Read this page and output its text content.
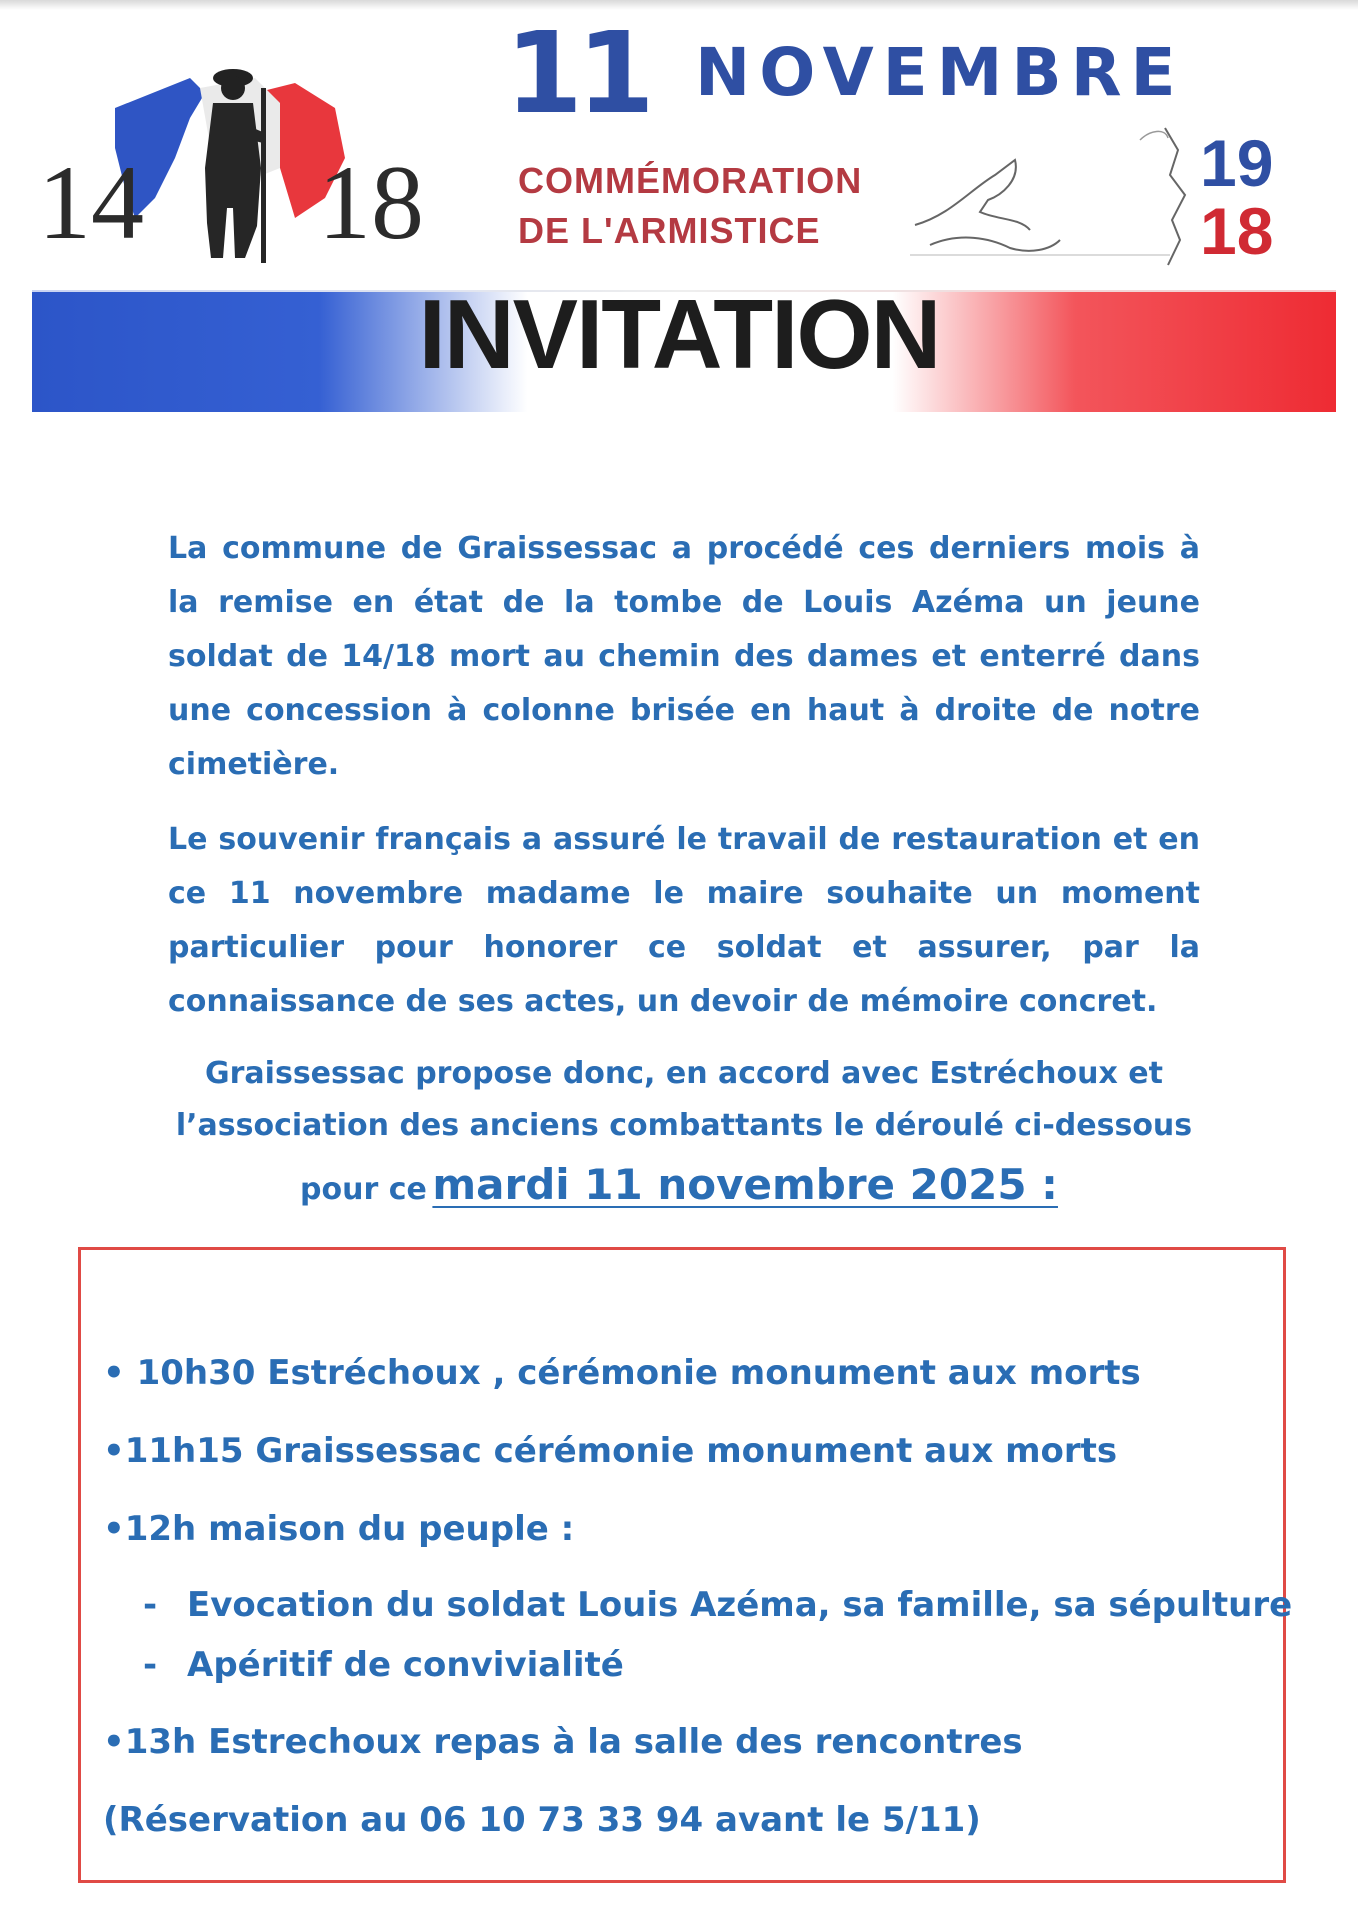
14 18
11 NOVEMBRE
COMMÉMORATION
DE L'ARMISTICE
19
18
INVITATION
La commune de Graissessac a procédé ces derniers mois à la remise en état de la tombe de Louis Azéma un jeune soldat de 14/18 mort au chemin des dames et enterré dans une concession à colonne brisée en haut à droite de notre cimetière.
Le souvenir français a assuré le travail de restauration et en ce 11 novembre madame le maire souhaite un moment particulier pour honorer ce soldat et assurer, par la connaissance de ses actes, un devoir de mémoire concret.
Graissessac propose donc, en accord avec Estréchoux et
l’association des anciens combattants le déroulé ci-dessous
pour ce mardi 11 novembre 2025 :
• 10h30 Estréchoux , cérémonie monument aux morts
•11h15 Graissessac cérémonie monument aux morts
•12h maison du peuple :
- Evocation du soldat Louis Azéma, sa famille, sa sépulture
- Apéritif de convivialité
•13h Estrechoux repas à la salle des rencontres
(Réservation au 06 10 73 33 94 avant le 5/11)
